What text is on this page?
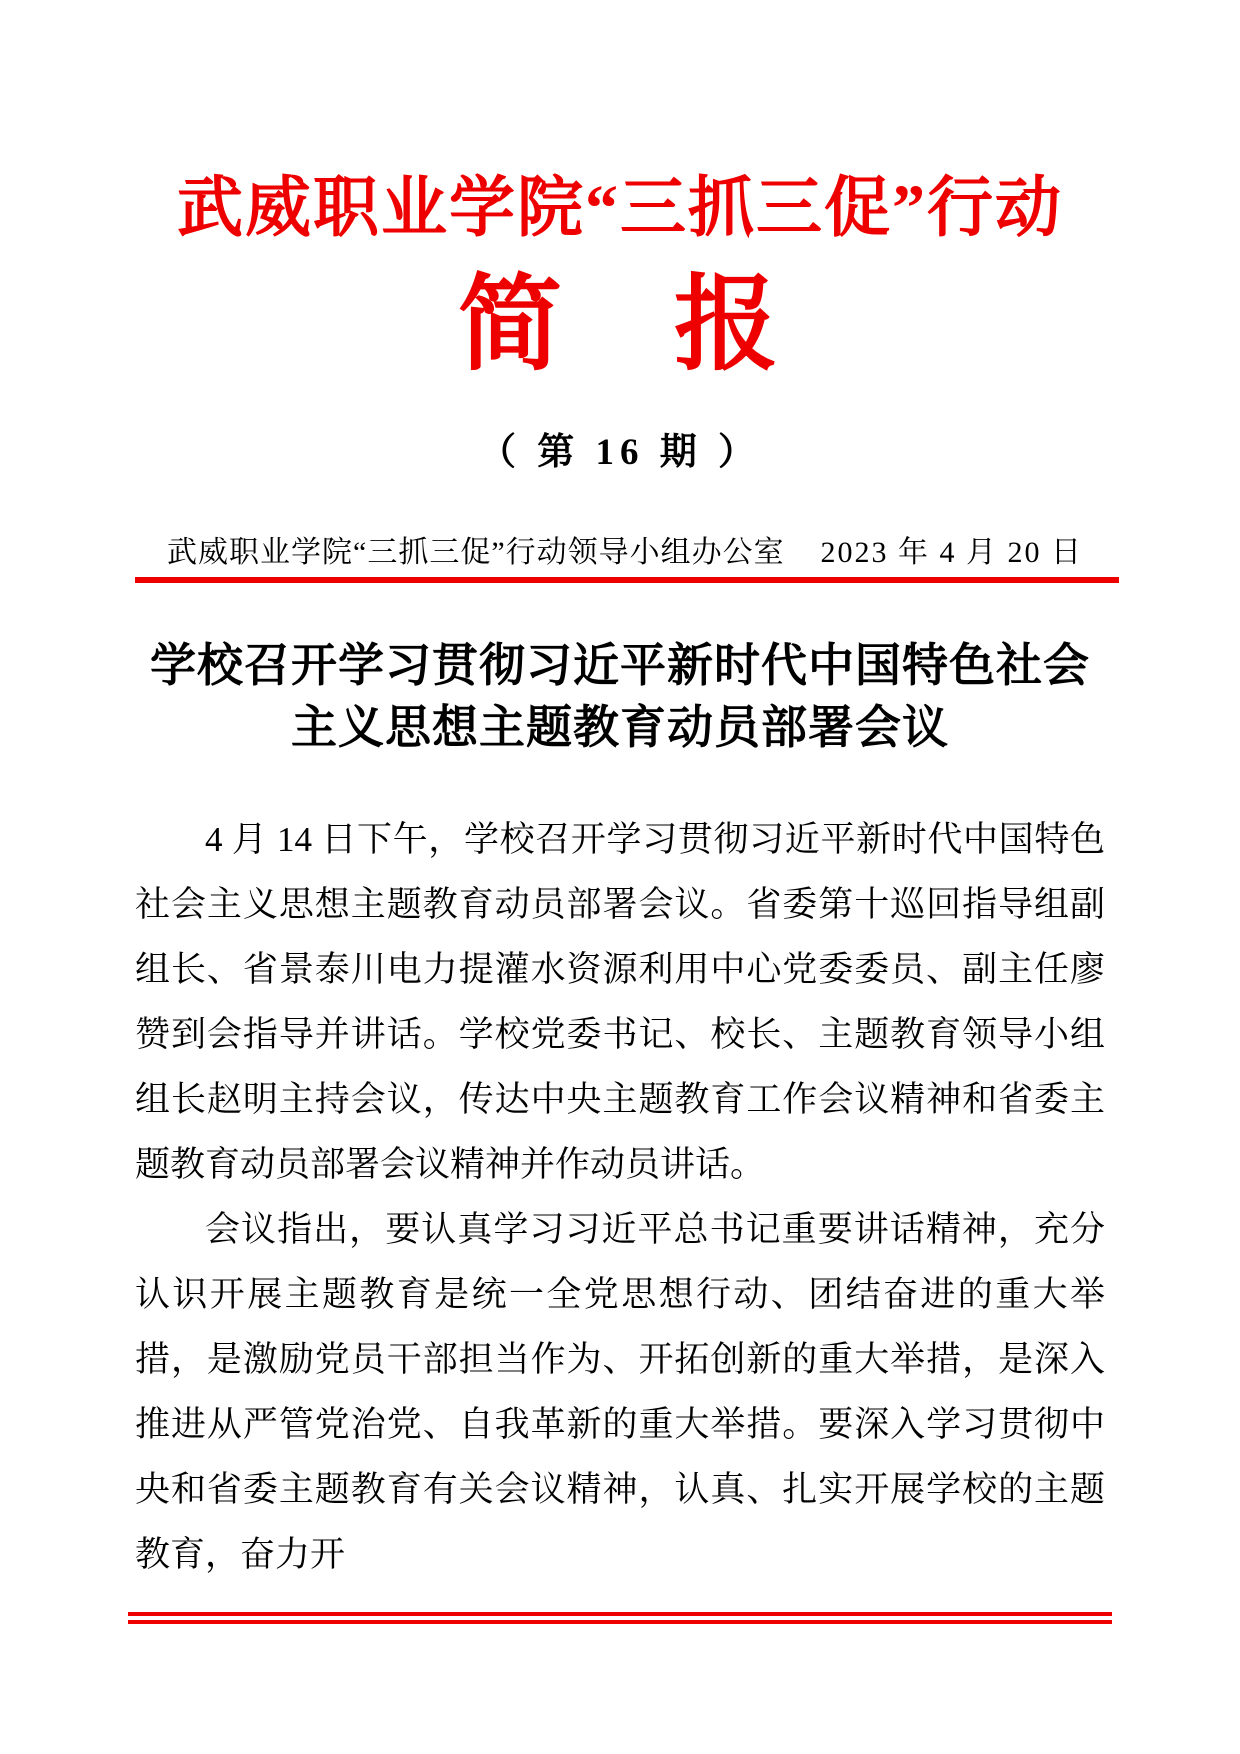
武威职业学院“三抓三促”行动
简　报
（ 第 16 期 ）
武威职业学院“三抓三促”行动领导小组办公室 2023 年 4 月 20 日
学校召开学习贯彻习近平新时代中国特色社会
主义思想主题教育动员部署会议

4 月 14 日下午，学校召开学习贯彻习近平新时代中国特色社会主义思想主题教育动员部署会议。省委第十巡回指导组副组长、省景泰川电力提灌水资源利用中心党委委员、副主任廖赞到会指导并讲话。学校党委书记、校长、主题教育领导小组组长赵明主持会议，传达中央主题教育工作会议精神和省委主题教育动员部署会议精神并作动员讲话。

会议指出，要认真学习习近平总书记重要讲话精神，充分认识开展主题教育是统一全党思想行动、团结奋进的重大举措，是激励党员干部担当作为、开拓创新的重大举措，是深入推进从严管党治党、自我革新的重大举措。要深入学习贯彻中央和省委主题教育有关会议精神，认真、扎实开展学校的主题教育，奋力开
